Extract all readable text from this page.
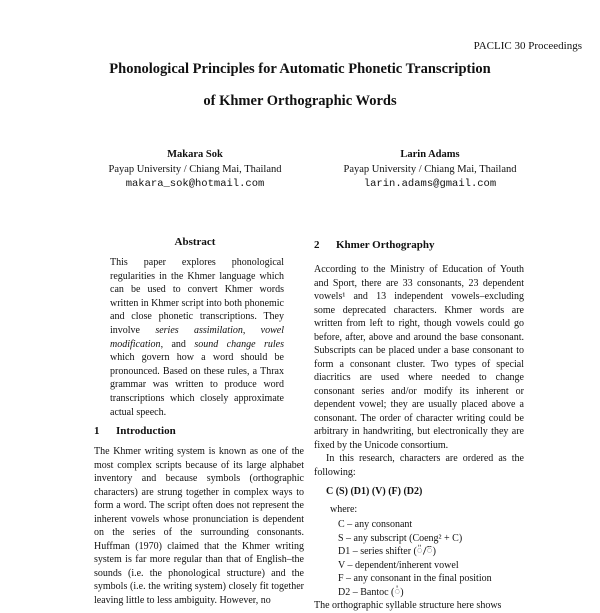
PACLIC 30 Proceedings
Phonological Principles for Automatic Phonetic Transcription
of Khmer Orthographic Words
Makara Sok
Payap University / Chiang Mai, Thailand
makara_sok@hotmail.com
Larin Adams
Payap University / Chiang Mai, Thailand
larin.adams@gmail.com
Abstract
This paper explores phonological regularities in the Khmer language which can be used to convert Khmer words written in Khmer script into both phonemic and close phonetic transcriptions. They involve series assimilation, vowel modification, and sound change rules which govern how a word should be pronounced. Based on these rules, a Thrax grammar was written to produce word transcriptions which closely approximate actual speech.
1 Introduction

The Khmer writing system is known as one of the most complex scripts because of its large alphabet inventory and because symbols (orthographic characters) are strung together in complex ways to form a word. The script often does not represent the inherent vowels whose pronunciation is dependent on the series of the surrounding consonants. Huffman (1970) claimed that the Khmer writing system is far more regular than that of English–the sounds (i.e. the phonological structure) and the symbols (i.e. the writing system) closely fit together leaving little to less ambiguity. However, no

2 Khmer Orthography

According to the Ministry of Education of Youth and Sport, there are 33 consonants, 23 dependent vowels¹ and 13 independent vowels–excluding some deprecated characters. Khmer words are written from left to right, though vowels could go before, after, above and around the base consonant. Subscripts can be placed under a base consonant to form a consonant cluster. Two types of special diacritics are used where needed to change consonant series and/or modify its inherent or dependent vowel; they are usually placed above a consonant. The order of character writing could be arbitrary in handwriting, but electronically they are fixed by the Unicode consortium.

In this research, characters are ordered as the following:

C (S) (D1) (V) (F) (D2)
where:
C – any consonant
S – any subscript (Coeng² + C)
D1 – series shifter (៉/៊)
V – dependent/inherent vowel
F – any consonant in the final position
D2 – Bantoc (់)

The orthographic syllable structure here shows
